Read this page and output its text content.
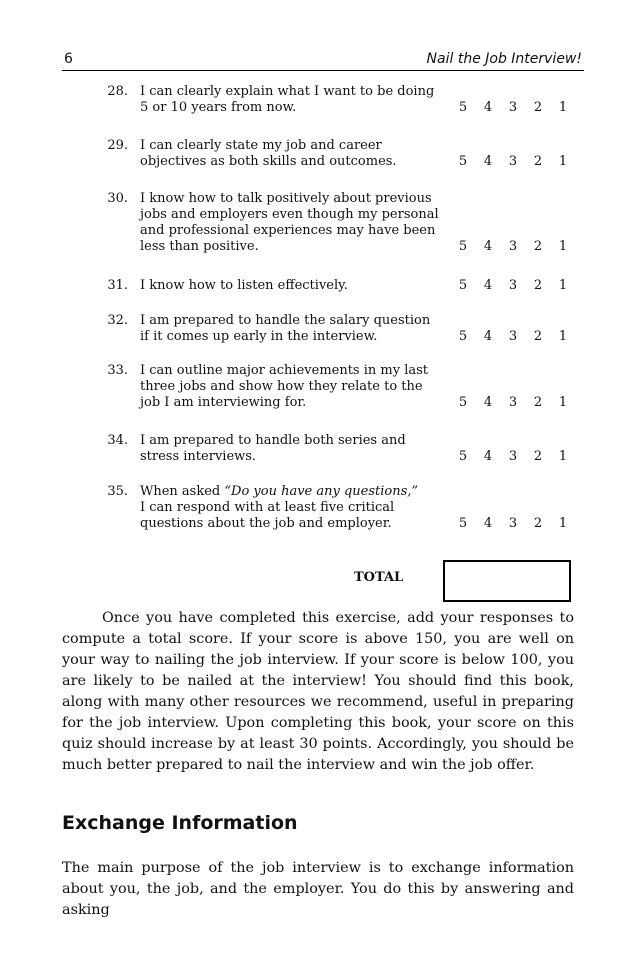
6	Nail the Job Interview!
28. I can clearly explain what I want to be doing
5 or 10 years from now.	5 4 3 2 1
29. I can clearly state my job and career
objectives as both skills and outcomes.	5 4 3 2 1
30. I know how to talk positively about previous
jobs and employers even though my personal
and professional experiences may have been
less than positive.	5 4 3 2 1
31. I know how to listen effectively.	5 4 3 2 1
32. I am prepared to handle the salary question
if it comes up early in the interview.	5 4 3 2 1
33. I can outline major achievements in my last
three jobs and show how they relate to the
job I am interviewing for.	5 4 3 2 1
34. I am prepared to handle both series and
stress interviews.	5 4 3 2 1
35. When asked “Do you have any questions,”
I can respond with at least five critical
questions about the job and employer.	5 4 3 2 1
TOTAL

Once you have completed this exercise, add your responses to compute a total score. If your score is above 150, you are well on your way to nailing the job interview. If your score is below 100, you are likely to be nailed at the interview! You should find this book, along with many other resources we recommend, useful in preparing for the job interview. Upon completing this book, your score on this quiz should increase by at least 30 points. Accordingly, you should be much better prepared to nail the interview and win the job offer.

Exchange Information

The main purpose of the job interview is to exchange information about you, the job, and the employer. You do this by answering and asking
